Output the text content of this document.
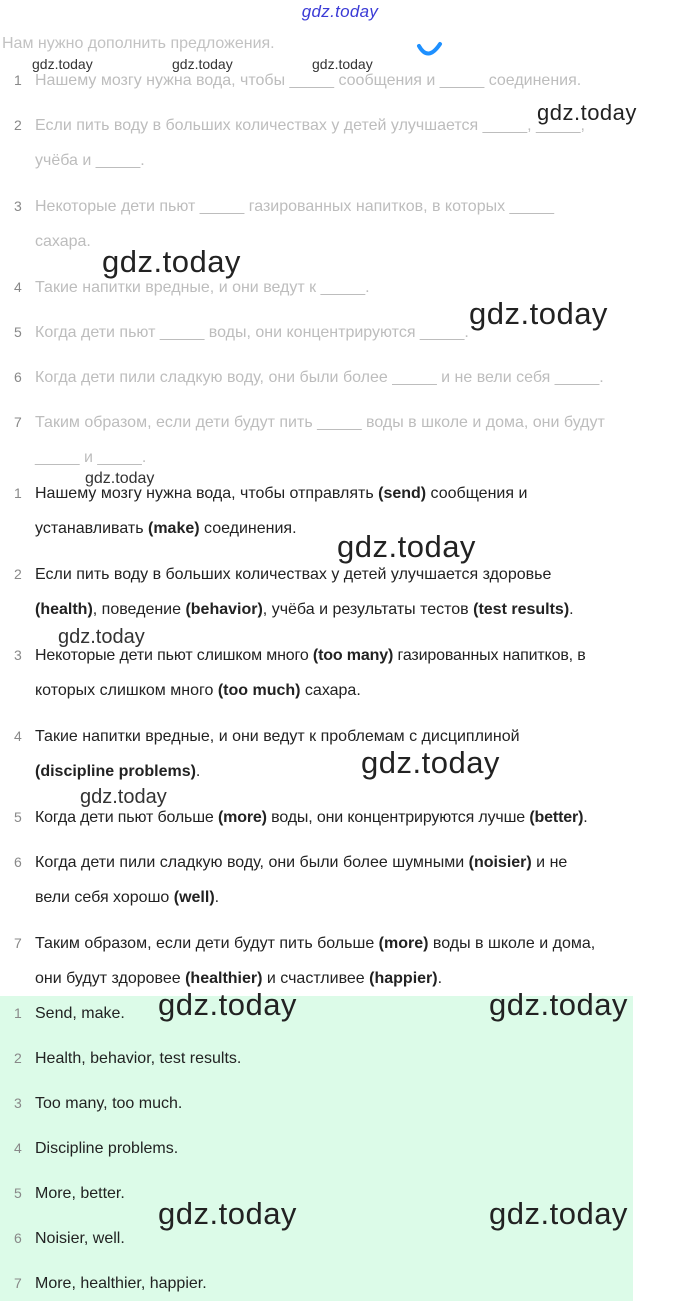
gdz.today
Нам нужно дополнить предложения.
1 Нашему мозгу нужна вода, чтобы _____ сообщения и _____ соединения.
2 Если пить воду в больших количествах у детей улучшается _____, _____,
учёба и _____.
3 Некоторые дети пьют _____ газированных напитков, в которых _____
сахара.
4 Такие напитки вредные, и они ведут к _____.
5 Когда дети пьют _____ воды, они концентрируются _____.
6 Когда дети пили сладкую воду, они были более _____ и не вели себя _____.
7 Таким образом, если дети будут пить _____ воды в школе и дома, они будут
_____ и _____.
1 Нашему мозгу нужна вода, чтобы отправлять (send) сообщения и
устанавливать (make) соединения.
2 Если пить воду в больших количествах у детей улучшается здоровье
(health), поведение (behavior), учёба и результаты тестов (test results).
3 Некоторые дети пьют слишком много (too many) газированных напитков, в
которых слишком много (too much) сахара.
4 Такие напитки вредные, и они ведут к проблемам с дисциплиной
(discipline problems).
5 Когда дети пьют больше (more) воды, они концентрируются лучше (better).
6 Когда дети пили сладкую воду, они были более шумными (noisier) и не
вели себя хорошо (well).
7 Таким образом, если дети будут пить больше (more) воды в школе и дома,
они будут здоровее (healthier) и счастливее (happier).
1 Send, make.
2 Health, behavior, test results.
3 Too many, too much.
4 Discipline problems.
5 More, better.
6 Noisier, well.
7 More, healthier, happier.
gdz.today	gdz.today	gdz.today
gdz.today
gdz.today
gdz.today
gdz.today
gdz.today
gdz.today
gdz.today
gdz.today
gdz.today	gdz.today
gdz.today	gdz.today
